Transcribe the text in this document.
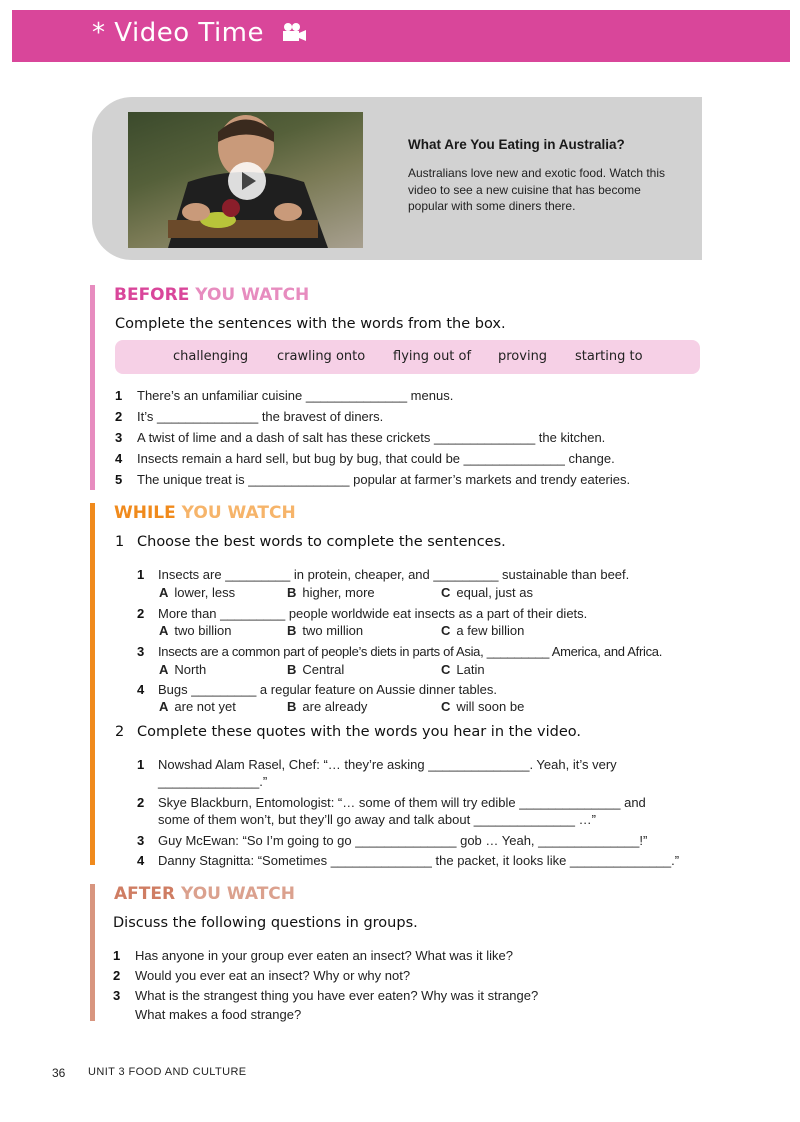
* Video Time
What Are You Eating in Australia?
Australians love new and exotic food. Watch this video to see a new cuisine that has become popular with some diners there.
BEFORE YOU WATCH
Complete the sentences with the words from the box.
challenging crawling onto flying out of proving starting to
1 There’s an unfamiliar cuisine ______________ menus.
2 It’s ______________ the bravest of diners.
3 A twist of lime and a dash of salt has these crickets ______________ the kitchen.
4 Insects remain a hard sell, but bug by bug, that could be ______________ change.
5 The unique treat is ______________ popular at farmer’s markets and trendy eateries.
WHILE YOU WATCH
1 Choose the best words to complete the sentences.
1 Insects are _________ in protein, cheaper, and _________ sustainable than beef.
A lower, less	B higher, more	C equal, just as
2 More than _________ people worldwide eat insects as a part of their diets.
A two billion	B two million	C a few billion
3 Insects are a common part of people’s diets in parts of Asia, _________ America, and Africa.
A North	B Central	C Latin
4 Bugs _________ a regular feature on Aussie dinner tables.
A are not yet	B are already	C will soon be
2 Complete these quotes with the words you hear in the video.
1 Nowshad Alam Rasel, Chef: “… they’re asking ______________. Yeah, it’s very
______________.”
2 Skye Blackburn, Entomologist: “… some of them will try edible ______________ and
some of them won’t, but they’ll go away and talk about ______________ …”
3 Guy McEwan: “So I’m going to go ______________ gob … Yeah, ______________!”
4 Danny Stagnitta: “Sometimes ______________ the packet, it looks like ______________.”
AFTER YOU WATCH
Discuss the following questions in groups.
1 Has anyone in your group ever eaten an insect? What was it like?
2 Would you ever eat an insect? Why or why not?
3 What is the strangest thing you have ever eaten? Why was it strange?
What makes a food strange?
36 UNIT 3 FOOD AND CULTURE
